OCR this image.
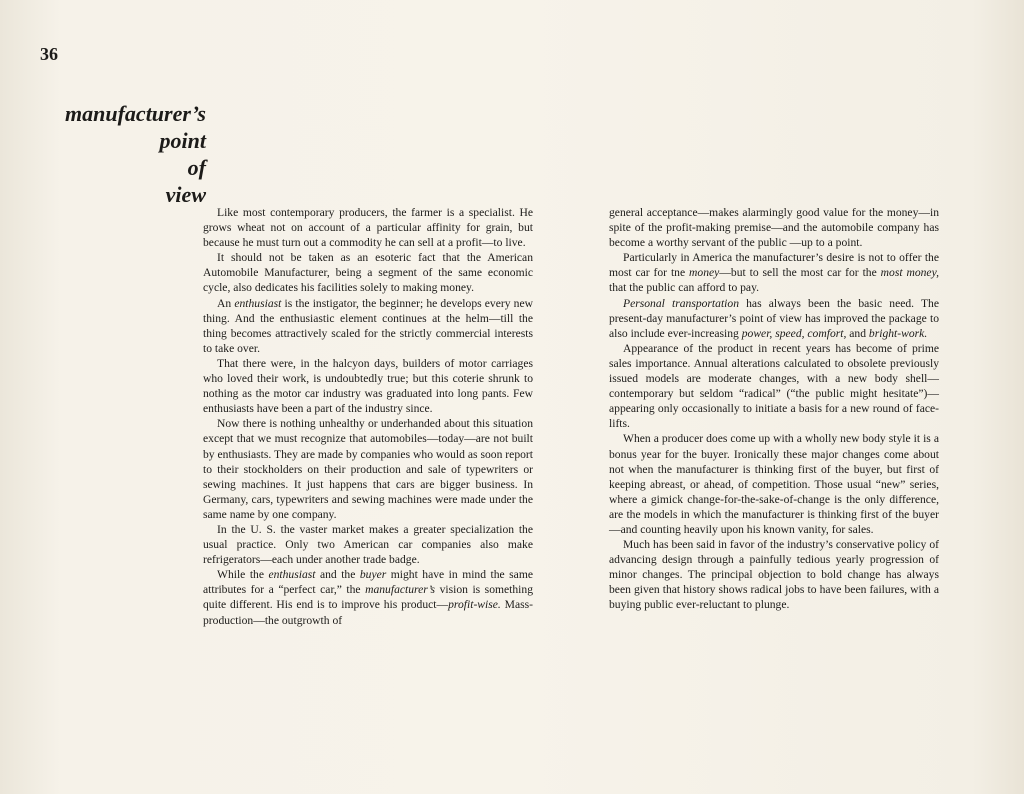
36
manufacturer’s
point
of
view

Like most contemporary producers, the farmer is a specialist. He grows wheat not on account of a particular affinity for grain, but because he must turn out a commodity he can sell at a profit—to live.

It should not be taken as an esoteric fact that the American Automobile Manufacturer, being a segment of the same economic cycle, also dedicates his facilities solely to making money.

An enthusiast is the instigator, the beginner; he develops every new thing. And the enthusiastic element continues at the helm—till the thing becomes attractively scaled for the strictly commercial interests to take over.

That there were, in the halcyon days, builders of motor carriages who loved their work, is undoubtedly true; but this coterie shrunk to nothing as the motor car industry was graduated into long pants. Few enthusiasts have been a part of the industry since.

Now there is nothing unhealthy or underhanded about this situation except that we must recognize that automobiles—today—are not built by enthusiasts. They are made by companies who would as soon report to their stockholders on their production and sale of typewriters or sewing machines. It just happens that cars are bigger business. In Germany, cars, typewriters and sewing machines were made under the same name by one company.

In the U. S. the vaster market makes a greater specialization the usual practice. Only two American car companies also make refrigerators—each under another trade badge.

While the enthusiast and the buyer might have in mind the same attributes for a “perfect car,” the manufacturer’s vision is something quite different. His end is to improve his product—profit-wise. Mass-production—the outgrowth of

general acceptance—makes alarmingly good value for the money—in spite of the profit-making premise—and the automobile company has become a worthy servant of the public —up to a point.

Particularly in America the manufacturer’s desire is not to offer the most car for tne money—but to sell the most car for the most money, that the public can afford to pay.

Personal transportation has always been the basic need. The present-day manufacturer’s point of view has improved the package to also include ever-increasing power, speed, comfort, and bright-work.

Appearance of the product in recent years has become of prime sales importance. Annual alterations calculated to obsolete previously issued models are moderate changes, with a new body shell—contemporary but seldom “radical” (“the public might hesitate”)—appearing only occasionally to initiate a basis for a new round of face-lifts.

When a producer does come up with a wholly new body style it is a bonus year for the buyer. Ironically these major changes come about not when the manufacturer is thinking first of the buyer, but first of keeping abreast, or ahead, of competition. Those usual “new” series, where a gimick change-for-the-sake-of-change is the only difference, are the models in which the manufacturer is thinking first of the buyer—and counting heavily upon his known vanity, for sales.

Much has been said in favor of the industry’s conservative policy of advancing design through a painfully tedious yearly progression of minor changes. The principal objection to bold change has always been given that history shows radical jobs to have been failures, with a buying public ever-reluctant to plunge.
